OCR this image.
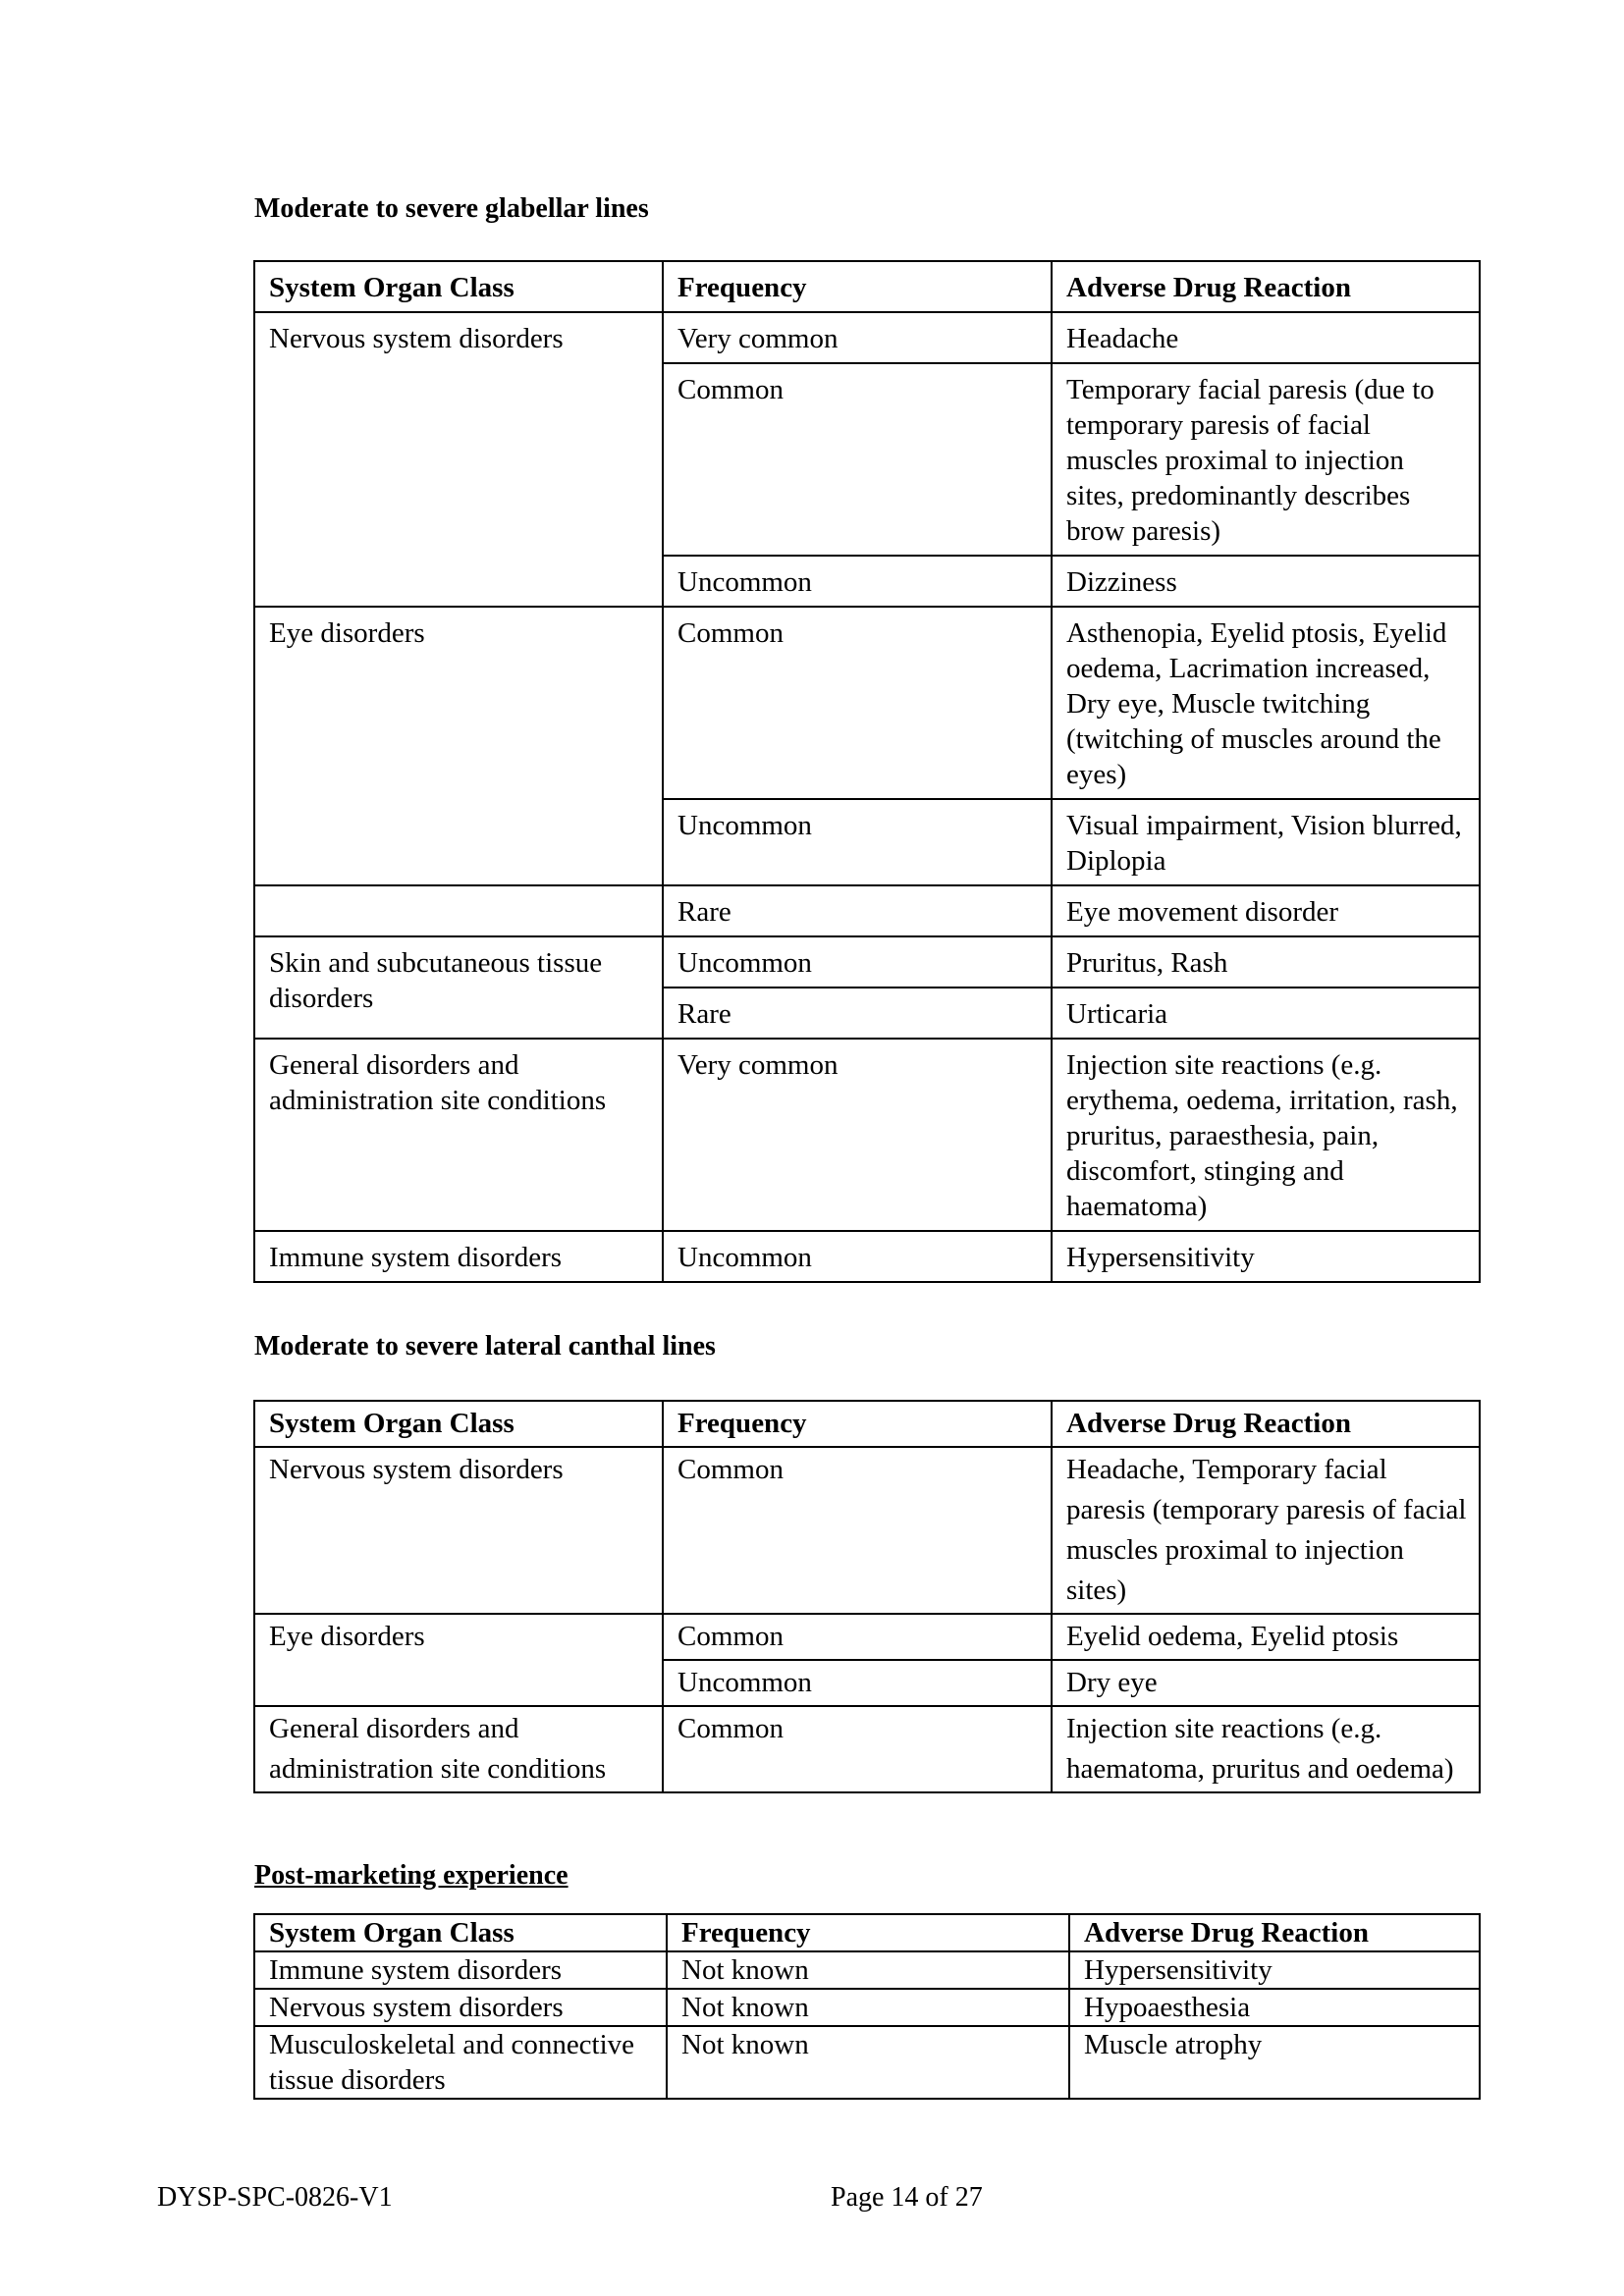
Moderate to severe glabellar lines
System Organ Class	Frequency	Adverse Drug Reaction
Nervous system disorders	Very common	Headache
	Common	Temporary facial paresis (due to temporary paresis of facial muscles proximal to injection sites, predominantly describes brow paresis)
	Uncommon	Dizziness
Eye disorders	Common	Asthenopia, Eyelid ptosis, Eyelid oedema, Lacrimation increased, Dry eye, Muscle twitching (twitching of muscles around the eyes)
	Uncommon	Visual impairment, Vision blurred, Diplopia
	Rare	Eye movement disorder
Skin and subcutaneous tissue disorders	Uncommon	Pruritus, Rash
	Rare	Urticaria
General disorders and administration site conditions	Very common	Injection site reactions (e.g. erythema, oedema, irritation, rash, pruritus, paraesthesia, pain, discomfort, stinging and haematoma)
Immune system disorders	Uncommon	Hypersensitivity
Moderate to severe lateral canthal lines
System Organ Class	Frequency	Adverse Drug Reaction
Nervous system disorders	Common	Headache, Temporary facial paresis (temporary paresis of facial muscles proximal to injection sites)
Eye disorders	Common	Eyelid oedema, Eyelid ptosis
	Uncommon	Dry eye
General disorders and administration site conditions	Common	Injection site reactions (e.g. haematoma, pruritus and oedema)
Post-marketing experience
System Organ Class	Frequency	Adverse Drug Reaction
Immune system disorders	Not known	Hypersensitivity
Nervous system disorders	Not known	Hypoaesthesia
Musculoskeletal and connective tissue disorders	Not known	Muscle atrophy
DYSP-SPC-0826-V1	Page 14 of 27
